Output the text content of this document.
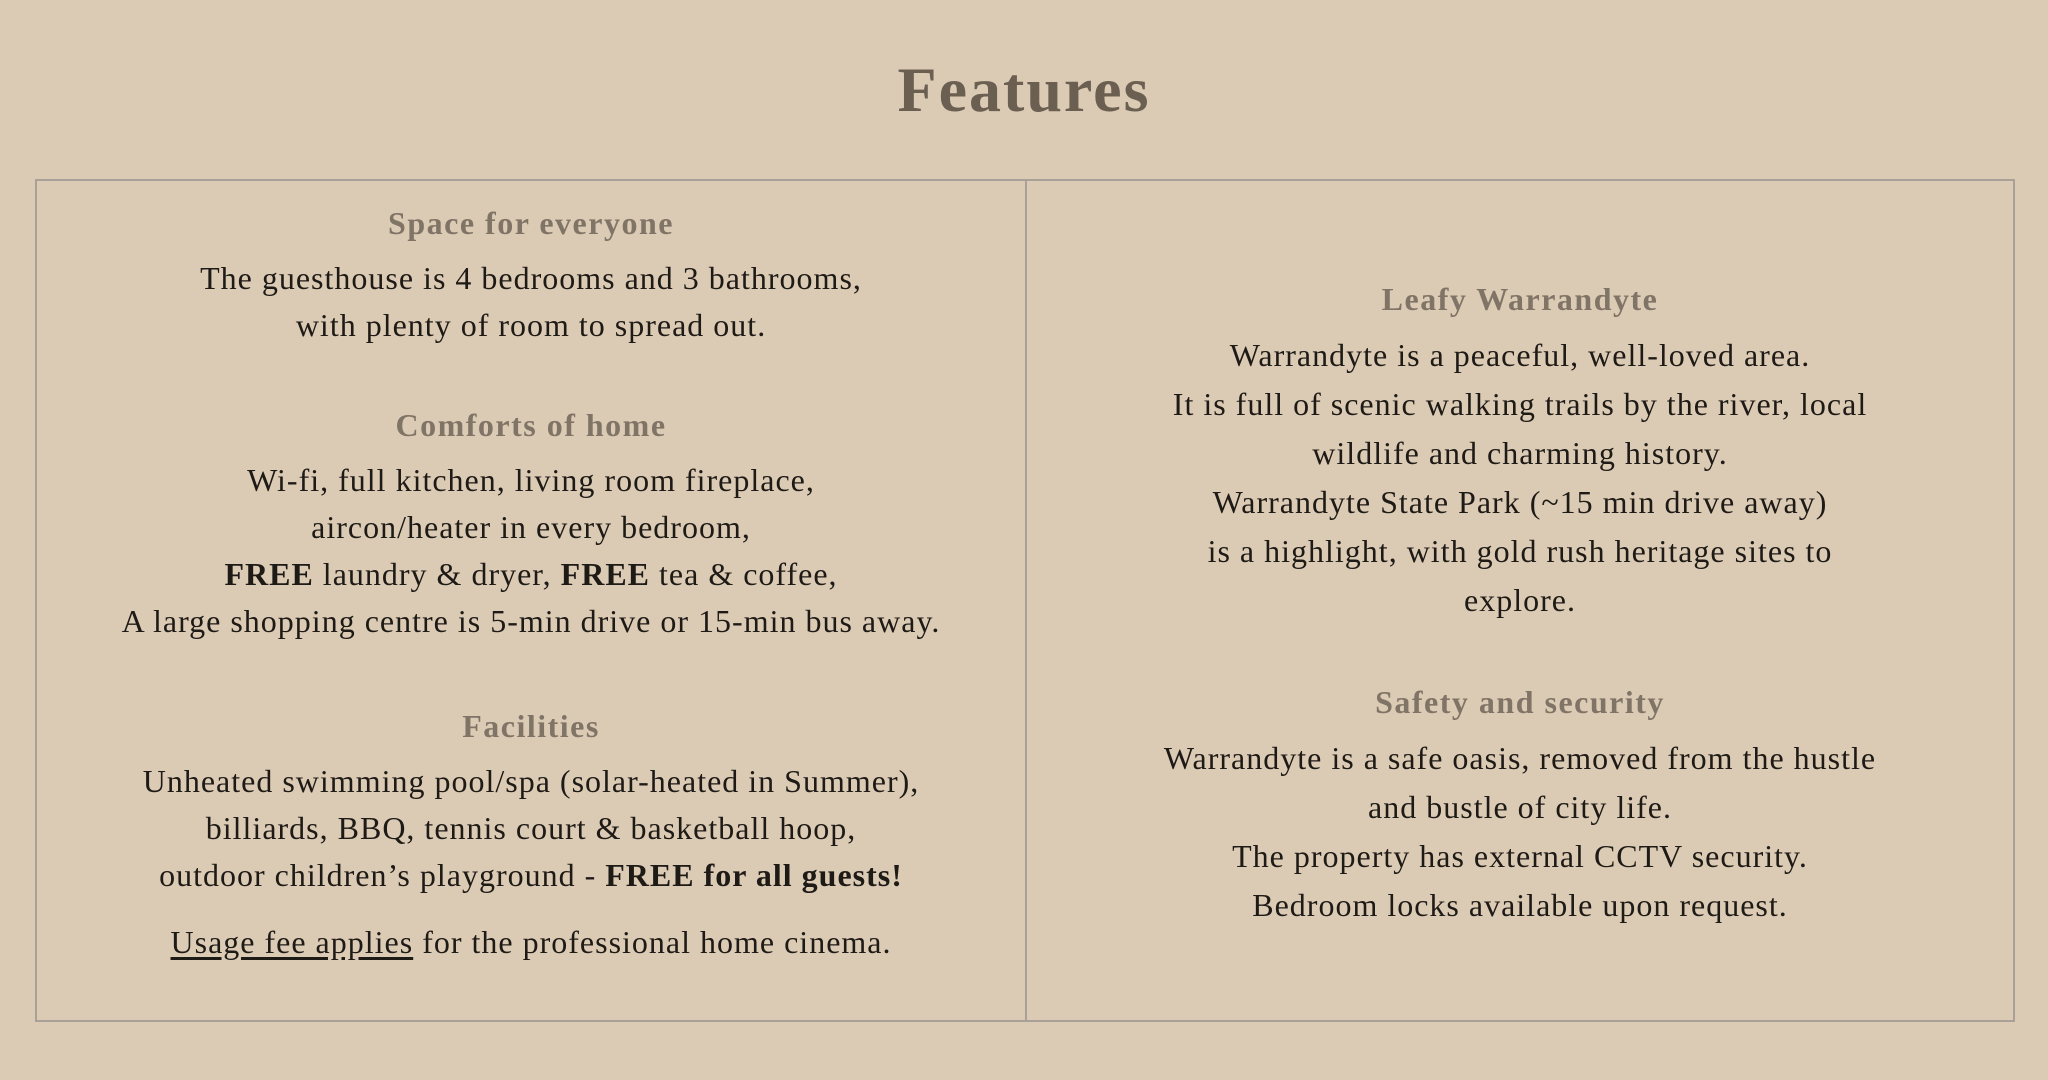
Features

Space for everyone

The guesthouse is 4 bedrooms and 3 bathrooms,

with plenty of room to spread out.

Comforts of home

Wi-fi, full kitchen, living room fireplace,

aircon/heater in every bedroom,

FREE laundry & dryer, FREE tea & coffee,

A large shopping centre is 5-min drive or 15-min bus away.

Facilities

Unheated swimming pool/spa (solar-heated in Summer),

billiards, BBQ, tennis court & basketball hoop,

outdoor children’s playground - FREE for all guests!

Usage fee applies for the professional home cinema.

Leafy Warrandyte

Warrandyte is a peaceful, well-loved area.

It is full of scenic walking trails by the river, local

wildlife and charming history.

Warrandyte State Park (~15 min drive away)

is a highlight, with gold rush heritage sites to

explore.

Safety and security

Warrandyte is a safe oasis, removed from the hustle

and bustle of city life.

The property has external CCTV security.

Bedroom locks available upon request.
